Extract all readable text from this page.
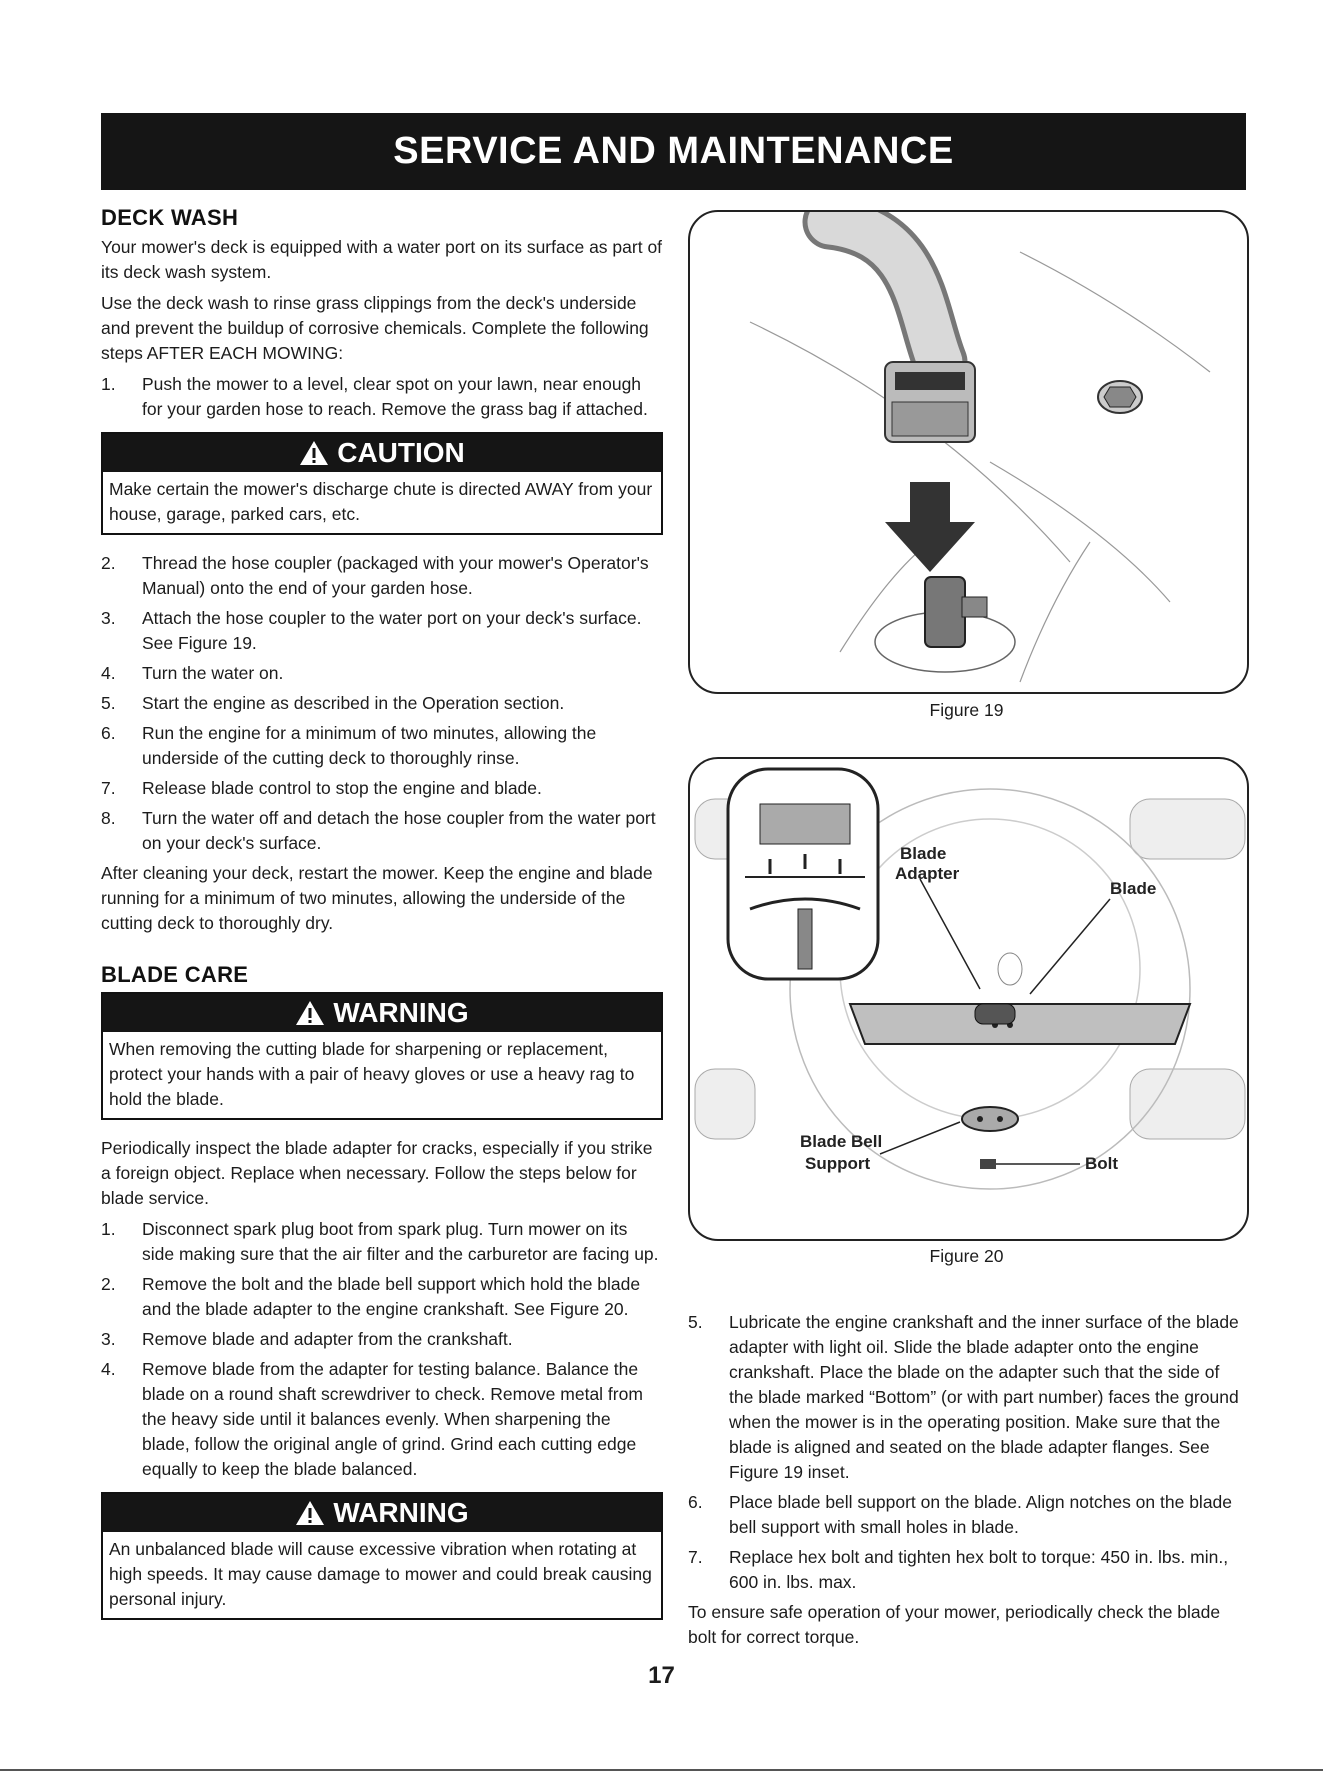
SERVICE AND MAINTENANCE
DECK WASH

Your mower's deck is equipped with a water port on its surface as part of its deck wash system.

Use the deck wash to rinse grass clippings from the deck's underside and prevent the buildup of corrosive chemicals. Complete the following steps AFTER EACH MOWING:

1.	Push the mower to a level, clear spot on your lawn, near enough for your garden hose to reach. Remove the grass bag if attached.
CAUTION
Make certain the mower's discharge chute is directed AWAY from your house, garage, parked cars, etc.
2.	Thread the hose coupler (packaged with your mower's Operator's Manual) onto the end of your garden hose.
3.	Attach the hose coupler to the water port on your deck's surface. See Figure 19.
4.	Turn the water on.
5.	Start the engine as described in the Operation section.
6.	Run the engine for a minimum of two minutes, allowing the underside of the cutting deck to thoroughly rinse.
7.	Release blade control to stop the engine and blade.
8.	Turn the water off and detach the hose coupler from the water port on your deck's surface.

After cleaning your deck, restart the mower. Keep the engine and blade running for a minimum of two minutes, allowing the underside of the cutting deck to thoroughly dry.

BLADE CARE
WARNING
When removing the cutting blade for sharpening or replacement, protect your hands with a pair of heavy gloves or use a heavy rag to hold the blade.

Periodically inspect the blade adapter for cracks, especially if you strike a foreign object. Replace when necessary. Follow the steps below for blade service.

1.	Disconnect spark plug boot from spark plug. Turn mower on its side making sure that the air filter and the carburetor are facing up.
2.	Remove the bolt and the blade bell support which hold the blade and the blade adapter to the engine crankshaft. See Figure 20.
3.	Remove blade and adapter from the crankshaft.
4.	Remove blade from the adapter for testing balance. Balance the blade on a round shaft screwdriver to check. Remove metal from the heavy side until it balances evenly. When sharpening the blade, follow the original angle of grind. Grind each cutting edge equally to keep the blade balanced.
WARNING
An unbalanced blade will cause excessive vibration when rotating at high speeds. It may cause damage to mower and could break causing personal injury.
Figure 19
Blade
Adapter
Blade
Blade Bell
Support	Bolt
Figure 20
5.	Lubricate the engine crankshaft and the inner surface of the blade adapter with light oil. Slide the blade adapter onto the engine crankshaft. Place the blade on the adapter such that the side of the blade marked “Bottom” (or with part number) faces the ground when the mower is in the operating position. Make sure that the blade is aligned and seated on the blade adapter flanges. See Figure 19 inset.
6.	Place blade bell support on the blade. Align notches on the blade bell support with small holes in blade.
7.	Replace hex bolt and tighten hex bolt to torque: 450 in. lbs. min., 600 in. lbs. max.

To ensure safe operation of your mower, periodically check the blade bolt for correct torque.

17
